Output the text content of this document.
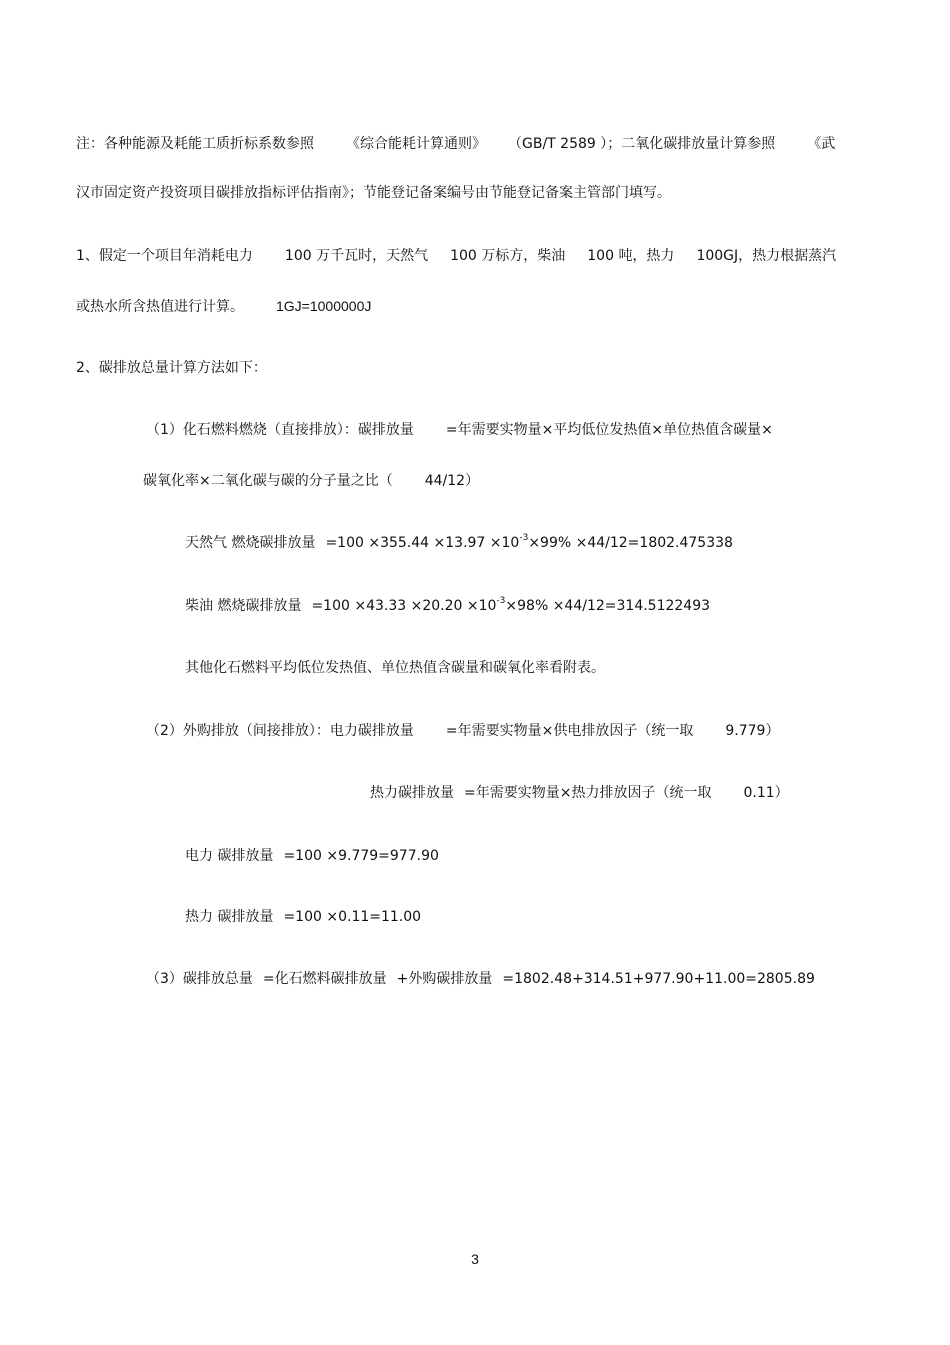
注：各种能源及耗能工质折标系数参照 《综合能耗计算通则》 （GB/T 2589 ）；二氧化碳排放量计算参照 《武

汉市固定资产投资项目碳排放指标评估指南》；节能登记备案编号由节能登记备案主管部门填写。

1、假定一个项目年消耗电力 100 万千瓦时，天然气 100 万标方，柴油 100 吨，热力 100GJ，热力根据蒸汽

或热水所含热值进行计算。 1GJ=1000000J

2、碳排放总量计算方法如下：

（1）化石燃料燃烧（直接排放）：碳排放量 =年需要实物量×平均低位发热值×单位热值含碳量×

碳氧化率×二氧化碳与碳的分子量之比（ 44/12）

天然气 燃烧碳排放量 $=100 \times 355.44 \times 13.97 \times 10^{-3}\times 99\% \times 44/12=1802.475338$

柴油 燃烧碳排放量 $=100 \times 43.33 \times 20.20 \times 10^{-3}\times 98\% \times 44/12=314.5122493$

其他化石燃料平均低位发热值、单位热值含碳量和碳氧化率看附表。

（2）外购排放（间接排放）：电力碳排放量 =年需要实物量×供电排放因子（统一取 9.779）

热力碳排放量 =年需要实物量×热力排放因子（统一取 0.11）

电力 碳排放量 =100 ×9.779=977.90

热力 碳排放量 =100 ×0.11=11.00

（3）碳排放总量 =化石燃料碳排放量 +外购碳排放量 =1802.48+314.51+977.90+11.00=2805.89

3
